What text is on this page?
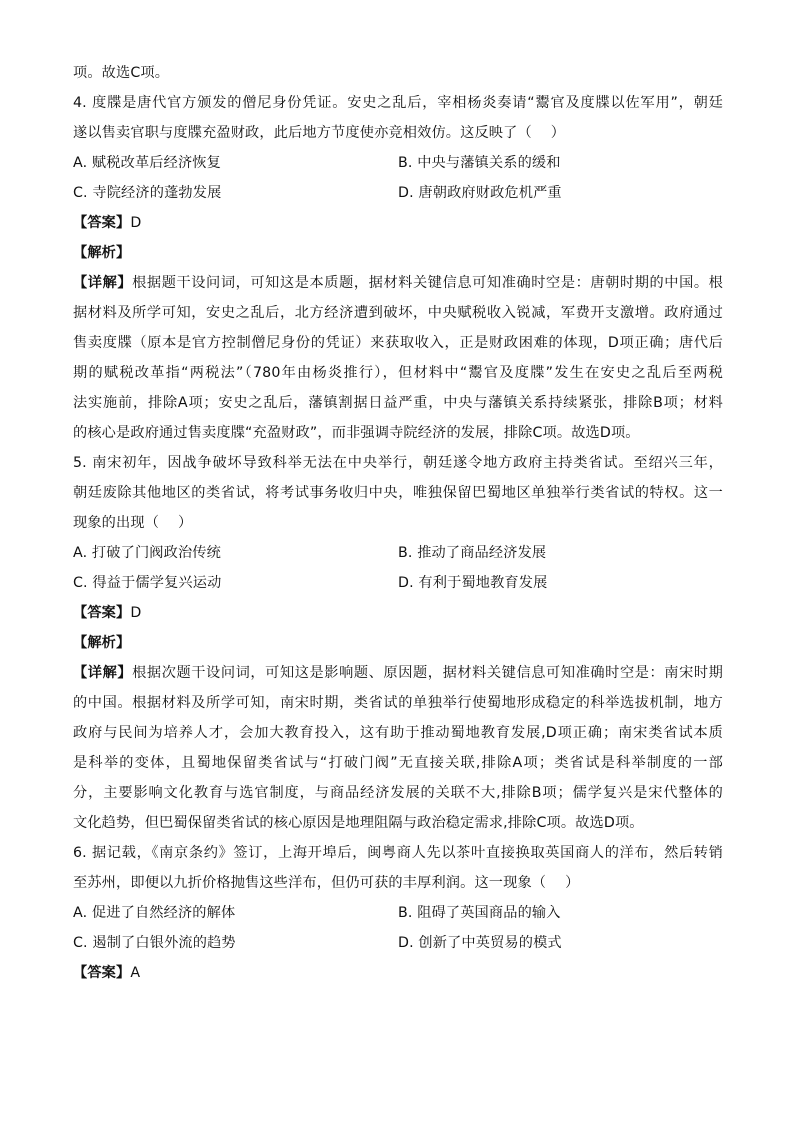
项。故选C项。
4. 度牒是唐代官方颁发的僧尼身份凭证。安史之乱后，宰相杨炎奏请“鬻官及度牒以佐军用”，朝廷
遂以售卖官职与度牒充盈财政，此后地方节度使亦竞相效仿。这反映了（　 ）
A. 赋税改革后经济恢复	B. 中央与藩镇关系的缓和
C. 寺院经济的蓬勃发展	D. 唐朝政府财政危机严重
【答案】D
【解析】
【详解】根据题干设问词，可知这是本质题，据材料关键信息可知准确时空是：唐朝时期的中国。根
据材料及所学可知，安史之乱后，北方经济遭到破坏，中央赋税收入锐减，军费开支激增。政府通过
售卖度牒（原本是官方控制僧尼身份的凭证）来获取收入，正是财政困难的体现，D项正确；唐代后
期的赋税改革指“两税法”（780年由杨炎推行），但材料中“鬻官及度牒”发生在安史之乱后至两税
法实施前，排除A项；安史之乱后，藩镇割据日益严重，中央与藩镇关系持续紧张，排除B项；材料
的核心是政府通过售卖度牒“充盈财政”，而非强调寺院经济的发展，排除C项。故选D项。
5. 南宋初年，因战争破坏导致科举无法在中央举行，朝廷遂令地方政府主持类省试。至绍兴三年，
朝廷废除其他地区的类省试，将考试事务收归中央，唯独保留巴蜀地区单独举行类省试的特权。这一
现象的出现（　 ）
A. 打破了门阀政治传统	B. 推动了商品经济发展
C. 得益于儒学复兴运动	D. 有利于蜀地教育发展
【答案】D
【解析】
【详解】根据次题干设问词，可知这是影响题、原因题，据材料关键信息可知准确时空是：南宋时期
的中国。根据材料及所学可知，南宋时期，类省试的单独举行使蜀地形成稳定的科举选拔机制，地方
政府与民间为培养人才，会加大教育投入，这有助于推动蜀地教育发展,D项正确；南宋类省试本质
是科举的变体，且蜀地保留类省试与“打破门阀”无直接关联,排除A项；类省试是科举制度的一部
分，主要影响文化教育与选官制度，与商品经济发展的关联不大,排除B项；儒学复兴是宋代整体的
文化趋势，但巴蜀保留类省试的核心原因是地理阻隔与政治稳定需求,排除C项。故选D项。
6. 据记载，《南京条约》签订，上海开埠后，闽粤商人先以茶叶直接换取英国商人的洋布，然后转销
至苏州，即便以九折价格抛售这些洋布，但仍可获的丰厚利润。这一现象（　 ）
A. 促进了自然经济的解体	B. 阻碍了英国商品的输入
C. 遏制了白银外流的趋势	D. 创新了中英贸易的模式
【答案】A
